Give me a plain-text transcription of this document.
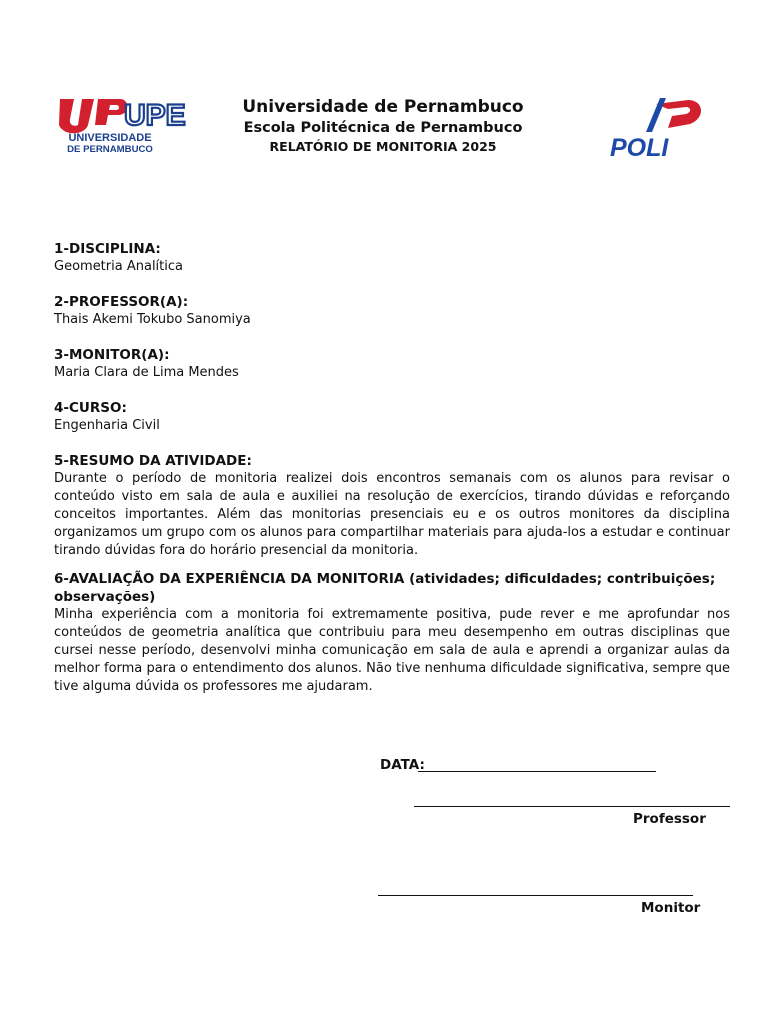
UPE
UNIVERSIDADE
DE PERNAMBUCO
Universidade de Pernambuco
Escola Politécnica de Pernambuco
RELATÓRIO DE MONITORIA 2025	POLI

1-DISCIPLINA:

Geometria Analítica

2-PROFESSOR(A):

Thais Akemi Tokubo Sanomiya

3-MONITOR(A):

Maria Clara de Lima Mendes

4-CURSO:

Engenharia Civil

5-RESUMO DA ATIVIDADE:

Durante o período de monitoria realizei dois encontros semanais com os alunos para revisar o conteúdo visto em sala de aula e auxiliei na resolução de exercícios, tirando dúvidas e reforçando conceitos importantes. Além das monitorias presenciais eu e os outros monitores da disciplina organizamos um grupo com os alunos para compartilhar materiais para ajuda-los a estudar e continuar tirando dúvidas fora do horário presencial da monitoria.

6-AVALIAÇÃO DA EXPERIÊNCIA DA MONITORIA (atividades; dificuldades; contribuições; observações)

Minha experiência com a monitoria foi extremamente positiva, pude rever e me aprofundar nos conteúdos de geometria analítica que contribuiu para meu desempenho em outras disciplinas que cursei nesse período, desenvolvi minha comunicação em sala de aula e aprendi a organizar aulas da melhor forma para o entendimento dos alunos. Não tive nenhuma dificuldade significativa, sempre que tive alguma dúvida os professores me ajudaram.

DATA:
Professor
Monitor
